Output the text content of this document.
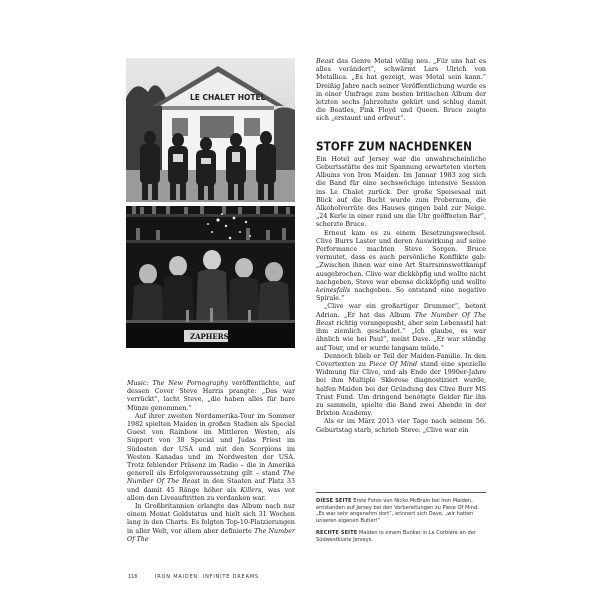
LE CHALET HOTEL
ZAPHERS

Music: The New Pornography veröffentlichte, auf dessen Cover Steve Harris prangte: „Das war verrückt“, lacht Steve, „die haben alles für bare Münze genommen.“

Auf ihrer zweiten Nordamerika-Tour im Sommer 1982 spielten Maiden in großen Stadien als Special Guest von Rainbow im Mittleren Westen, als Support von 38 Special und Judas Priest im Südosten der USA und mit den Scorpions im Westen Kanadas und im Nordwesten der USA. Trotz fehlender Präsenz im Radio – die in Amerika generell als Erfolgsvoraussetzung gilt – stand The Number Of The Beast in den Staaten auf Platz 33 und damit 45 Ränge höher als Killers, was vor allem den Liveauftritten zu verdanken war.

In Großbritannien erlangte das Album nach nur einem Monat Goldstatus und hielt sich 31 Wochen lang in den Charts. Es folgten Top-10-Platzierungen in aller Welt, vor allem aber definierte The Number Of The

Beast das Genre Metal völlig neu. „Für uns hat es alles verändert“, schwärmt Lars Ulrich von Metallica. „Es hat gezeigt, was Metal sein kann.“ Dreißig Jahre nach seiner Veröffentlichung wurde es in einer Umfrage zum besten britischen Album der letzten sechs Jahrzehnte gekürt und schlug damit die Beatles, Pink Floyd und Queen. Bruce zeigte sich „erstaunt und erfreut“.

STOFF ZUM NACHDENKEN

Ein Hotel auf Jersey war die unwahrscheinliche Geburtsstätte des mit Spannung erwarteten vierten Albums von Iron Maiden. Im Januar 1983 zog sich die Band für eine sechswöchige intensive Session ins Le Chalet zurück. Der große Speisesaal mit Blick auf die Bucht wurde zum Proberaum, die Alkoholvorräte des Hauses gingen bald zur Neige. „24 Kerle in einer rund um die Uhr geöffneten Bar“, scherzte Bruce.

Erneut kam es zu einem Besetzungswechsel. Clive Burrs Laster und deren Auswirkung auf seine Performance machten Steve Sorgen. Bruce vermutet, dass es auch persönliche Konflikte gab: „Zwischen ihnen war eine Art Starrsinnswettkampf ausgebrochen. Clive war dickköpfig und wollte nicht nachgeben, Steve war ebenso dickköpfig und wollte keinesfalls nachgeben. So entstand eine negative Spirale.“

„Clive war ein großartiger Drummer“, betont Adrian. „Er hat das Album The Number Of The Beast richtig vorangepusht, aber sein Lebensstil hat ihm ziemlich geschadet.“ „Ich glaube, es war ähnlich wie bei Paul“, meint Dave. „Er war ständig auf Tour, und er wurde langsam müde.“

Dennoch blieb er Teil der Maiden-Familie. In den Covertexten zu Piece Of Mind stand eine spezielle Widmung für Clive, und als Ende der 1990er-Jahre bei ihm Multiple Sklerose diagnostiziert wurde, halfen Maiden bei der Gründung des Clive Burr MS Trust Fund. Um dringend benötigte Gelder für ihn zu sammeln, spielte die Band zwei Abende in der Brixton Academy.

Als er im März 2013 vier Tage nach seinem 56. Geburtstag starb, schrieb Steve: „Clive war ein

DIESE SEITE Erste Fotos von Nicko McBrain bei Iron Maiden, entstanden auf Jersey bei den Vorbereitungen zu Piece Of Mind. „Es war sehr angenehm dort“, erinnert sich Dave, „wir hatten unseren eigenen Butler!“

RECHTE SEITE Maiden in einem Bunker in La Corbière an der Südwestküste Jerseys.

116	IRON MAIDEN: INFINITE DREAMS
